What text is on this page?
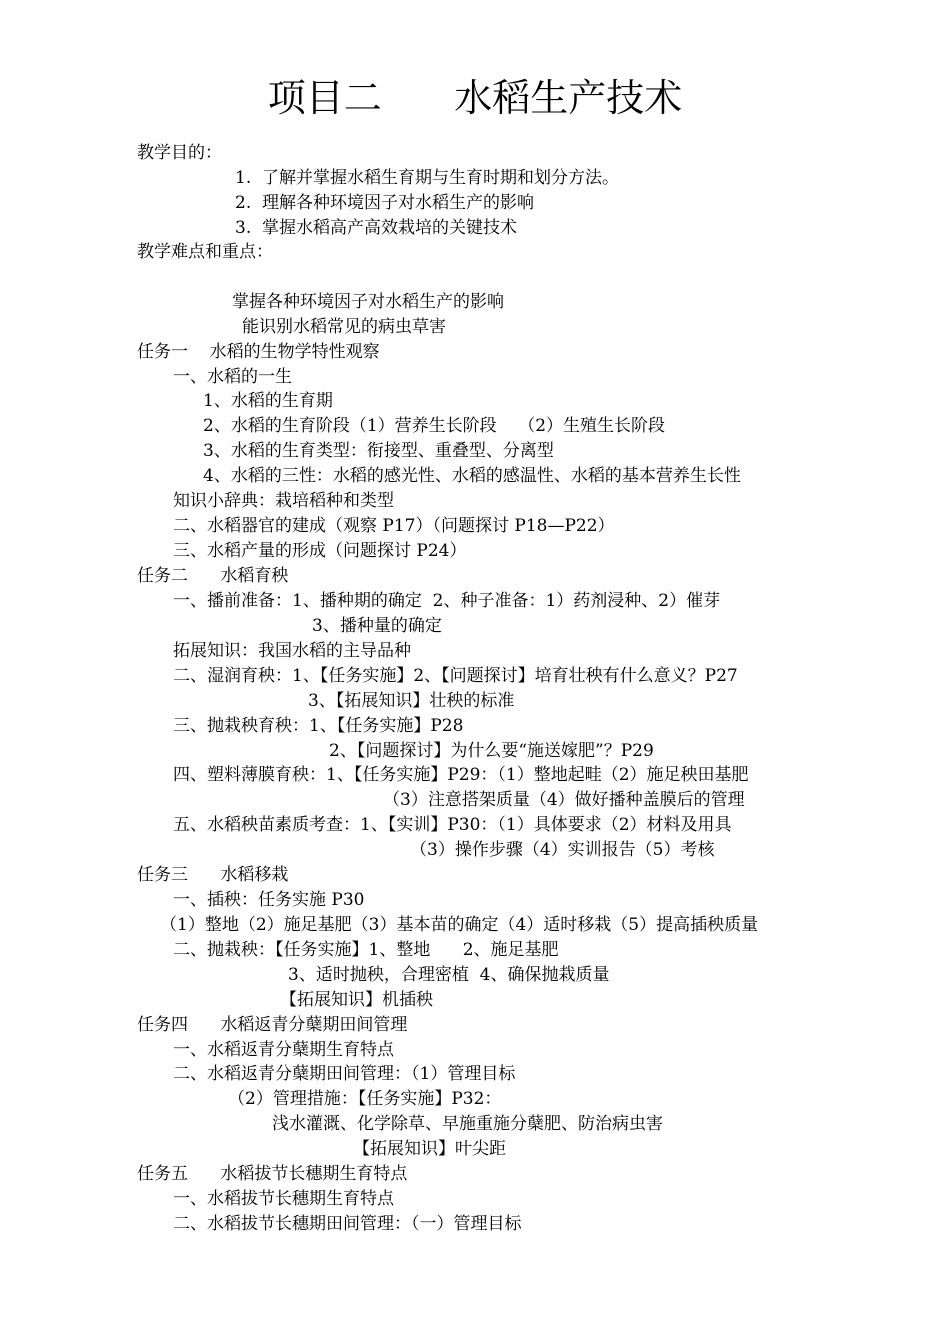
项目二      水稻生产技术
教学目的：
1.  了解并掌握水稻生育期与生育时期和划分方法。
2.  理解各种环境因子对水稻生产的影响
3.  掌握水稻高产高效栽培的关键技术
教学难点和重点：
掌握各种环境因子对水稻生产的影响
能识别水稻常见的病虫草害
任务一    水稻的生物学特性观察
一、水稻的一生
1、水稻的生育期
2、水稻的生育阶段（1）营养生长阶段    （2）生殖生长阶段
3、水稻的生育类型：衔接型、重叠型、分离型
4、水稻的三性：水稻的感光性、水稻的感温性、水稻的基本营养生长性
知识小辞典：栽培稻种和类型
二、水稻器官的建成（观察 P17）（问题探讨 P18—P22）
三、水稻产量的形成（问题探讨 P24）
任务二      水稻育秧
一、播前准备：1、播种期的确定  2、种子准备：1）药剂浸种、2）催芽
3、播种量的确定
拓展知识：我国水稻的主导品种
二、湿润育秧：1、【任务实施】2、【问题探讨】培育壮秧有什么意义？P27
3、【拓展知识】壮秧的标准
三、抛栽秧育秧：1、【任务实施】P28
2、【问题探讨】为什么要“施送嫁肥”？P29
四、塑料薄膜育秧：1、【任务实施】P29：（1）整地起畦（2）施足秧田基肥
（3）注意搭架质量（4）做好播种盖膜后的管理
五、水稻秧苗素质考查：1、【实训】P30：（1）具体要求（2）材料及用具
（3）操作步骤（4）实训报告（5）考核
任务三      水稻移栽
一、插秧：任务实施 P30
（1）整地（2）施足基肥（3）基本苗的确定（4）适时移栽（5）提高插秧质量
二、抛栽秧：【任务实施】1、整地      2、施足基肥
3、适时抛秧，合理密植  4、确保抛栽质量
【拓展知识】机插秧
任务四      水稻返青分蘖期田间管理
一、水稻返青分蘖期生育特点
二、水稻返青分蘖期田间管理：（1）管理目标
（2）管理措施：【任务实施】P32：
浅水灌溉、化学除草、早施重施分蘖肥、防治病虫害
【拓展知识】叶尖距
任务五      水稻拔节长穗期生育特点
一、水稻拔节长穗期生育特点
二、水稻拔节长穗期田间管理：（一）管理目标
